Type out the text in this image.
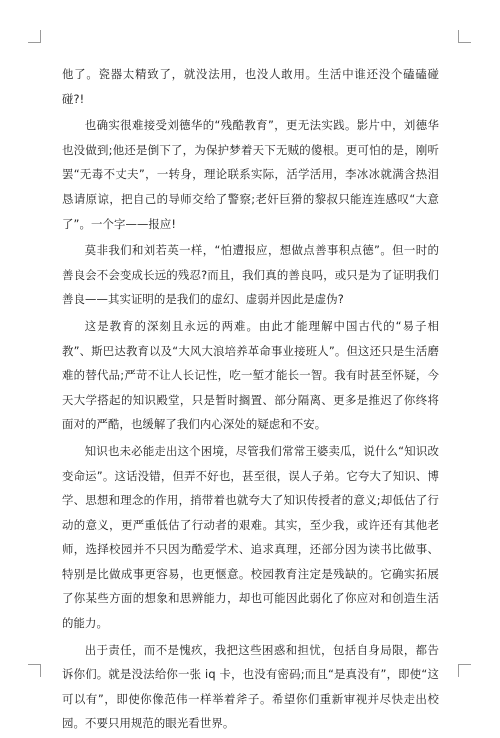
他了。瓷器太精致了，就没法用，也没人敢用。生活中谁还没个磕磕碰碰?!

也确实很难接受刘德华的“残酷教育”，更无法实践。影片中，刘德华也没做到;他还是倒下了，为保护梦着天下无贼的傻根。更可怕的是，刚听罢“无毒不丈夫”，一转身，理论联系实际，活学活用，李冰冰就满含热泪恳请原谅，把自己的导师交给了警察;老奸巨猾的黎叔只能连连感叹“大意了”。一个字——报应!

莫非我们和刘若英一样，“怕遭报应，想做点善事积点德”。但一时的善良会不会变成长远的残忍?而且，我们真的善良吗，或只是为了证明我们善良——其实证明的是我们的虚幻、虚弱并因此是虚伪?

这是教育的深刻且永远的两难。由此才能理解中国古代的“易子相教”、斯巴达教育以及“大风大浪培养革命事业接班人”。但这还只是生活磨难的替代品;严苛不让人长记性，吃一堑才能长一智。我有时甚至怀疑，今天大学搭起的知识殿堂，只是暂时搁置、部分隔离、更多是推迟了你终将面对的严酷，也缓解了我们内心深处的疑虑和不安。

知识也未必能走出这个困境，尽管我们常常王婆卖瓜，说什么“知识改变命运”。这话没错，但弄不好也，甚至很，误人子弟。它夸大了知识、博学、思想和理念的作用，捎带着也就夸大了知识传授者的意义;却低估了行动的意义，更严重低估了行动者的艰难。其实，至少我，或许还有其他老师，选择校园并不只因为酷爱学术、追求真理，还部分因为读书比做事、特别是比做成事更容易，也更惬意。校园教育注定是残缺的。它确实拓展了你某些方面的想象和思辨能力，却也可能因此弱化了你应对和创造生活的能力。

出于责任，而不是愧疚，我把这些困惑和担忧，包括自身局限，都告诉你们。就是没法给你一张 iq 卡，也没有密码;而且“是真没有”，即使“这可以有”，即使你像范伟一样举着斧子。希望你们重新审视并尽快走出校园。不要只用规范的眼光看世界。
